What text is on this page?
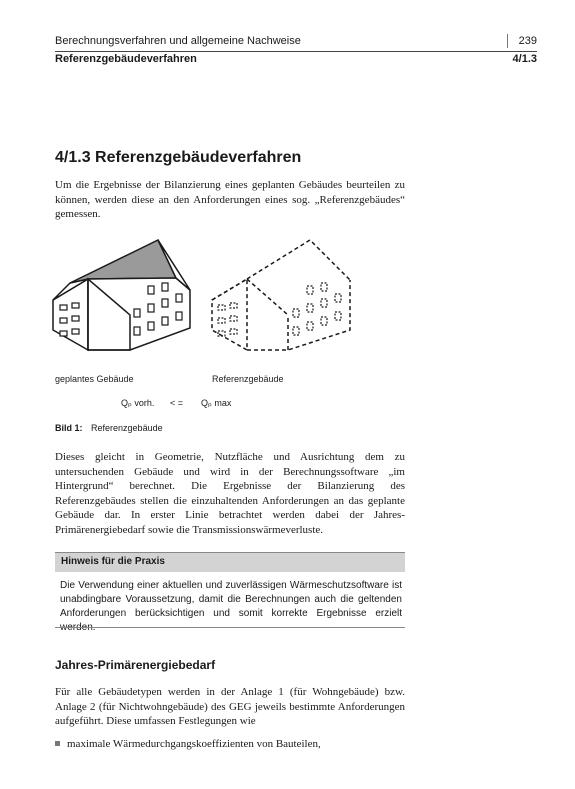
Berechnungsverfahren und allgemeine Nachweise	239
Referenzgebäudeverfahren	4/1.3
4/1.3 Referenzgebäudeverfahren
Um die Ergebnisse der Bilanzierung eines geplanten Gebäudes beurteilen zu können, werden diese an den Anforderungen eines sog. „Referenzgebäudes“ gemessen.
geplantes Gebäude	Referenzgebäude
Qₚ vorh. < = Qₚ max
Bild 1: Referenzgebäude
Dieses gleicht in Geometrie, Nutzfläche und Ausrichtung dem zu untersuchenden Gebäude und wird in der Berechnungssoftware „im Hintergrund“ berechnet. Die Ergebnisse der Bilanzierung des Referenzgebäudes stellen die einzuhaltenden Anforderungen an das geplante Gebäude dar. In erster Linie betrachtet werden dabei der Jahres-Primärenergiebedarf sowie die Transmissionswärmeverluste.
Hinweis für die Praxis
Die Verwendung einer aktuellen und zuverlässigen Wärmeschutzsoftware ist unabdingbare Voraussetzung, damit die Berechnungen auch die geltenden Anforderungen berücksichtigen und somit korrekte Ergebnisse erzielt
Jahres-Primärenergiebedarf
Für alle Gebäudetypen werden in der Anlage 1 (für Wohngebäude) bzw. Anlage 2 (für Nichtwohngebäude) des GEG jeweils bestimmte Anforderungen aufgeführt. Diese umfassen Festlegungen wie
maximale Wärmedurchgangskoeffizienten von Bauteilen,
